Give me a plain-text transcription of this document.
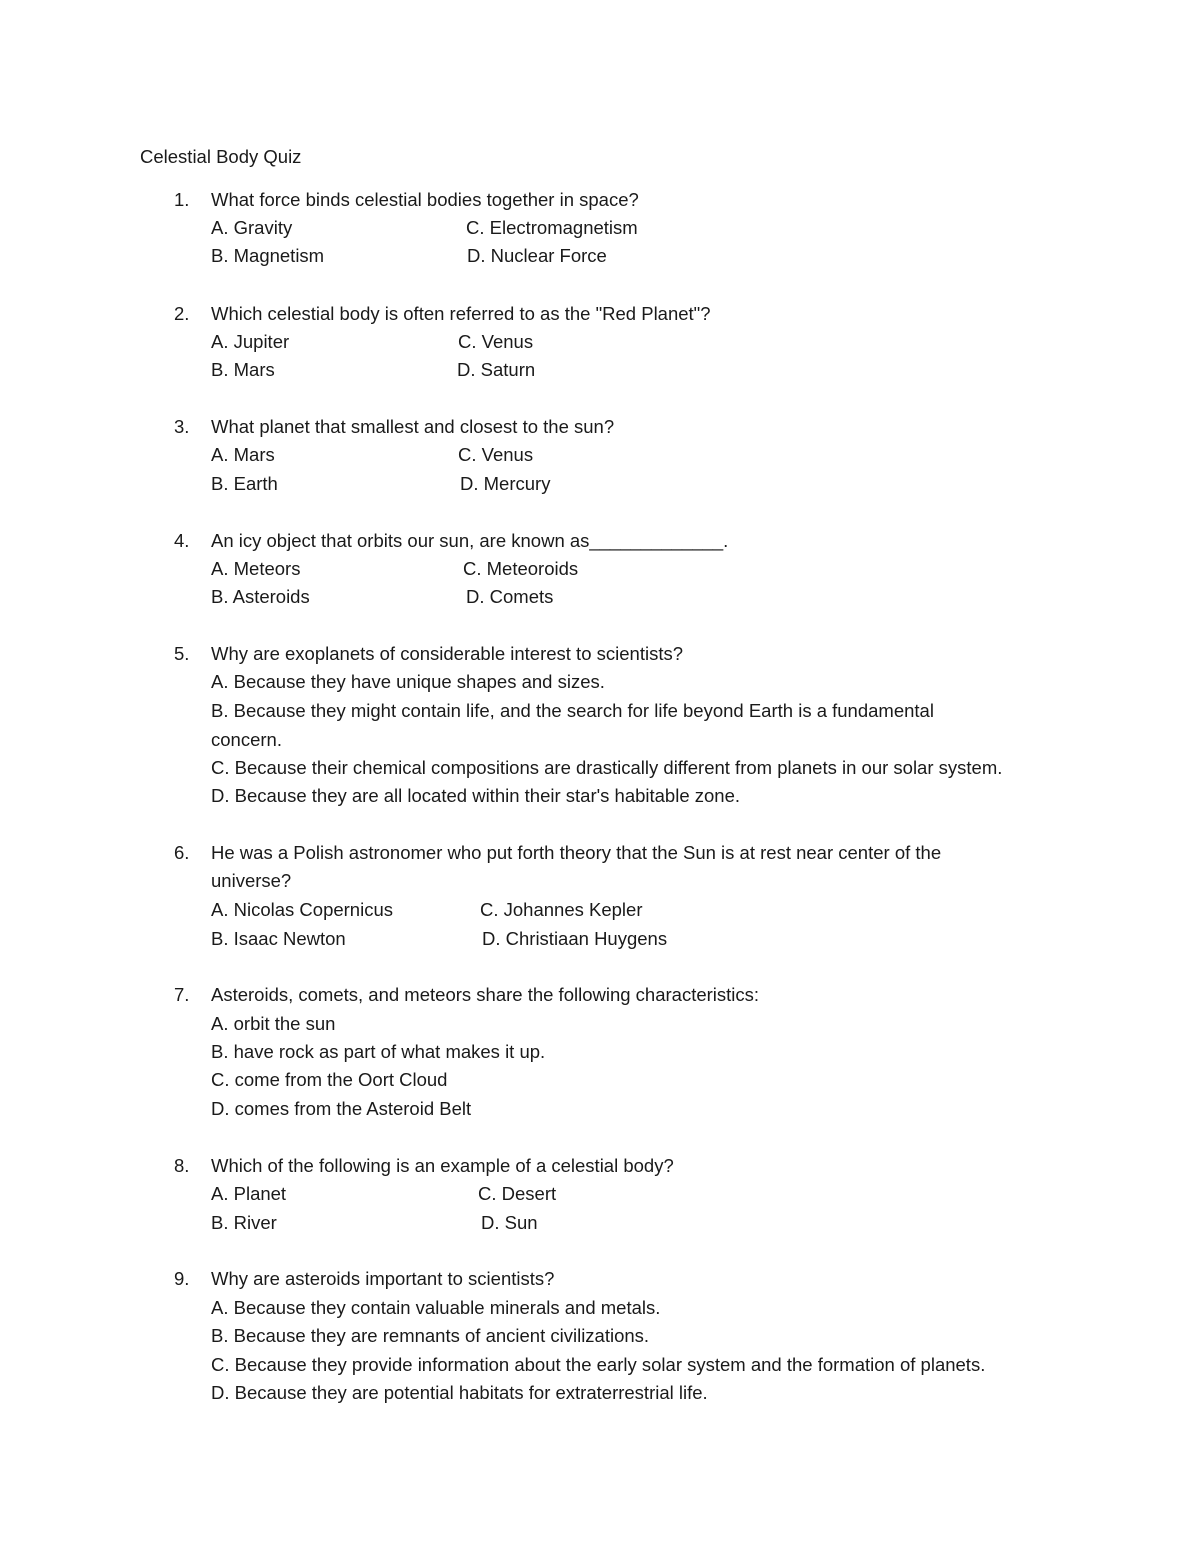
Celestial Body Quiz
1.	What force binds celestial bodies together in space?
A. Gravity	C. Electromagnetism
B. Magnetism	D. Nuclear Force
2.	Which celestial body is often referred to as the "Red Planet"?
A. Jupiter	C. Venus
B. Mars	D. Saturn
3.	What planet that smallest and closest to the sun?
A. Mars	C. Venus
B. Earth	D. Mercury
4.	An icy object that orbits our sun, are known as_____________.
A. Meteors	C. Meteoroids
B. Asteroids	D. Comets
5.	Why are exoplanets of considerable interest to scientists?
A. Because they have unique shapes and sizes.
B. Because they might contain life, and the search for life beyond Earth is a fundamental
concern.
C. Because their chemical compositions are drastically different from planets in our solar system.
D. Because they are all located within their star's habitable zone.
6.	He was a Polish astronomer who put forth theory that the Sun is at rest near center of the
universe?
A. Nicolas Copernicus	C. Johannes Kepler
B. Isaac Newton	D. Christiaan Huygens
7.	Asteroids, comets, and meteors share the following characteristics:
A. orbit the sun
B. have rock as part of what makes it up.
C. come from the Oort Cloud
D. comes from the Asteroid Belt
8.	Which of the following is an example of a celestial body?
A. Planet	C. Desert
B. River	D. Sun
9.	Why are asteroids important to scientists?
A. Because they contain valuable minerals and metals.
B. Because they are remnants of ancient civilizations.
C. Because they provide information about the early solar system and the formation of planets.
D. Because they are potential habitats for extraterrestrial life.
